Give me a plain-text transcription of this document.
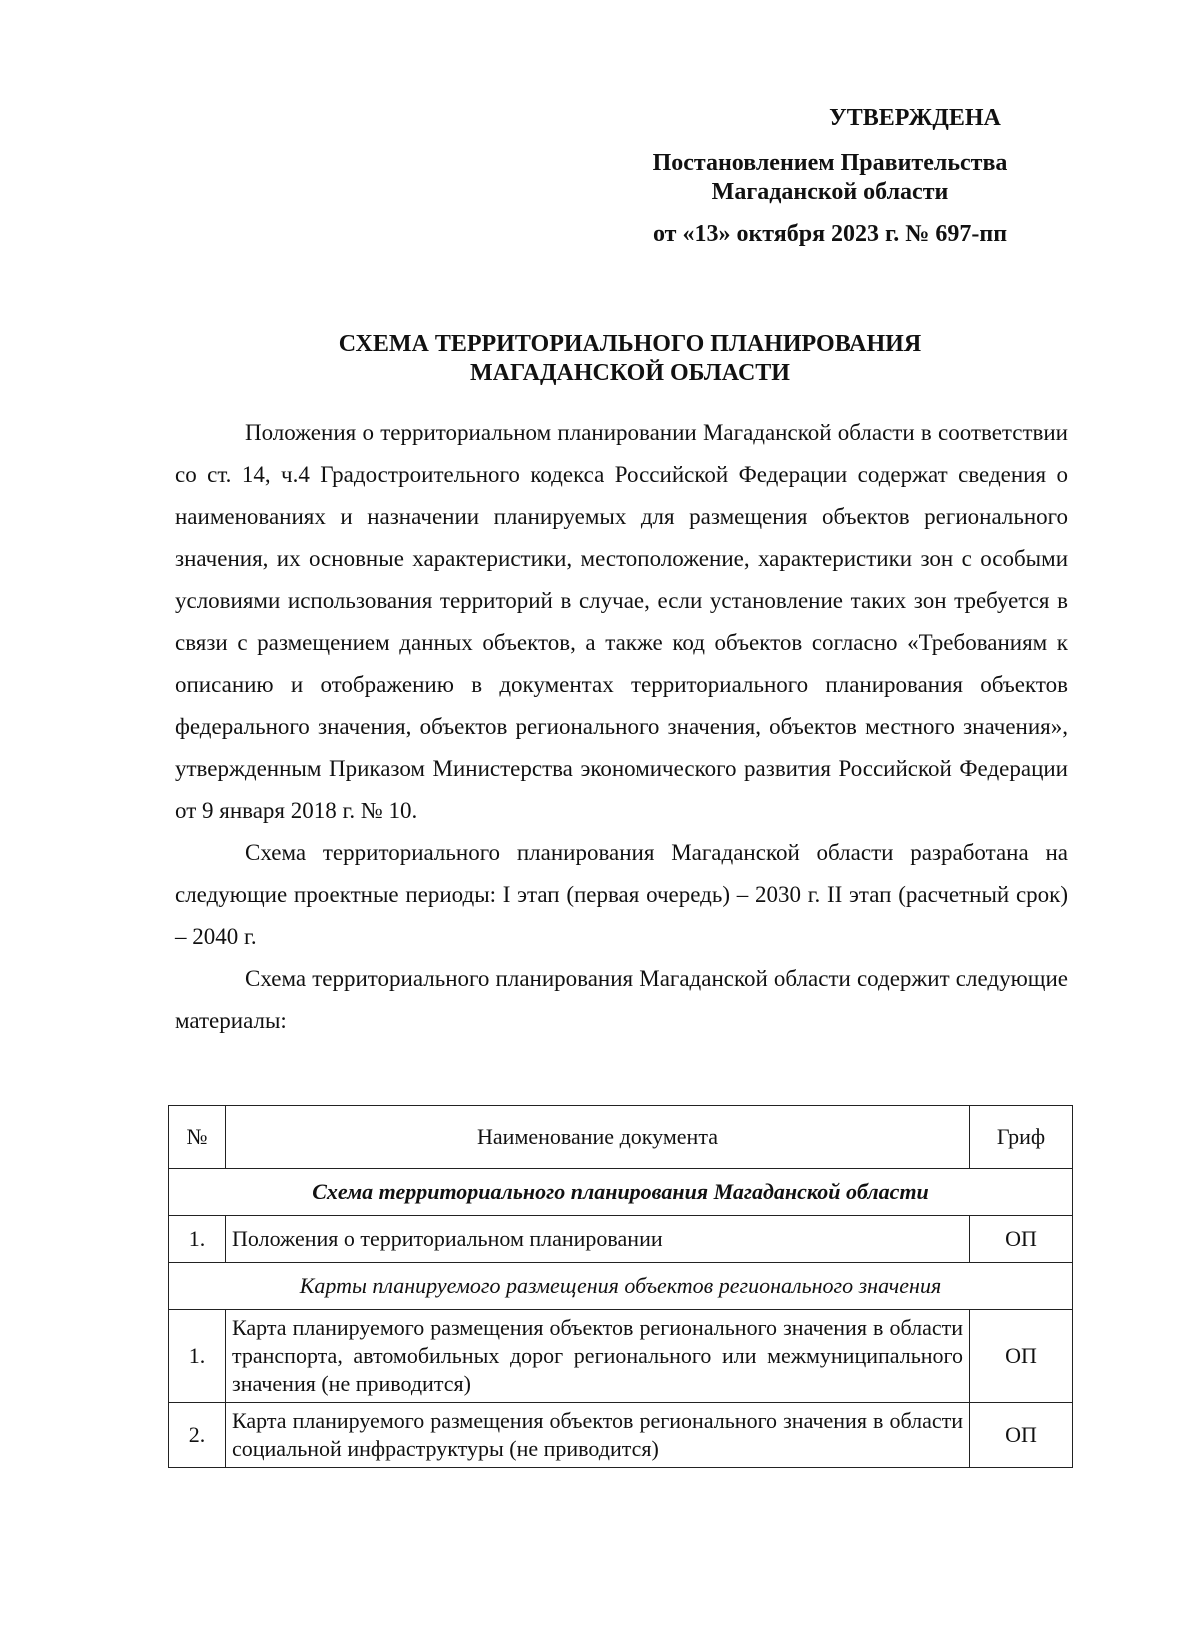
УТВЕРЖДЕНА
Постановлением Правительства
Магаданской области
от «13» октября 2023 г. № 697-пп
СХЕМА ТЕРРИТОРИАЛЬНОГО ПЛАНИРОВАНИЯ
МАГАДАНСКОЙ ОБЛАСТИ

Положения о территориальном планировании Магаданской области в соответствии со ст. 14, ч.4 Градостроительного кодекса Российской Федерации содержат сведения о наименованиях и назначении планируемых для размещения объектов регионального значения, их основные характеристики, местоположение, характеристики зон с особыми условиями использования территорий в случае, если установление таких зон требуется в связи с размещением данных объектов, а также код объектов согласно «Требованиям к описанию и отображению в документах территориального планирования объектов федерального значения, объектов регионального значения, объектов местного значения», утвержденным Приказом Министерства экономического развития Российской Федерации от 9 января 2018 г. № 10.

Схема территориального планирования Магаданской области разработана на следующие проектные периоды: I этап (первая очередь) – 2030 г. II этап (расчетный срок) – 2040 г.

Схема территориального планирования Магаданской области содержит следующие материалы:

№	Наименование документа	Гриф
Схема территориального планирования Магаданской области		
1.	Положения о территориальном планировании	ОП
Карты планируемого размещения объектов регионального значения		
1.	Карта планируемого размещения объектов регионального значения в области транспорта, автомобильных дорог регионального или межмуниципального значения (не приводится)	ОП
2.	Карта планируемого размещения объектов регионального значения в области социальной инфраструктуры (не приводится)	ОП
